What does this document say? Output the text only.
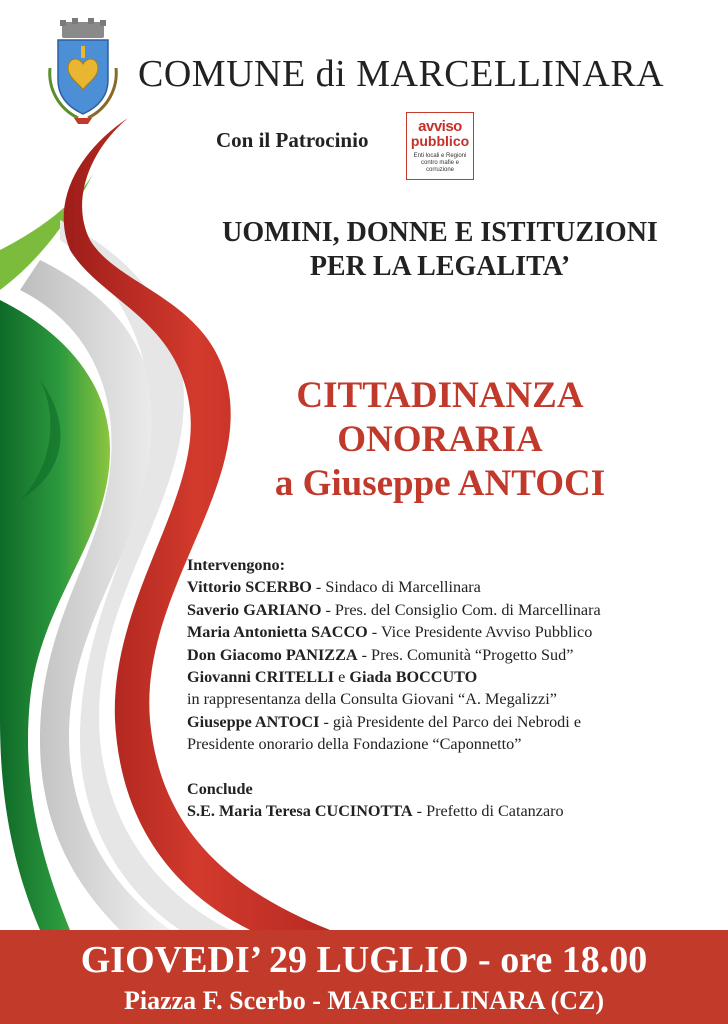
COMUNE di MARCELLINARA
Con il Patrocinio
avviso
pubblico
Enti locali e Regioni contro mafie e corruzione
UOMINI, DONNE E ISTITUZIONI
PER LA LEGALITA’
CITTADINANZA
ONORARIA
a Giuseppe ANTOCI
Intervengono:
Vittorio SCERBO - Sindaco di Marcellinara
Saverio GARIANO - Pres. del Consiglio Com. di Marcellinara
Maria Antonietta SACCO - Vice Presidente Avviso Pubblico
Don Giacomo PANIZZA - Pres. Comunità “Progetto Sud”
Giovanni CRITELLI e Giada BOCCUTO
in rappresentanza della Consulta Giovani “A. Megalizzi”
Giuseppe ANTOCI - già Presidente del Parco dei Nebrodi e
Presidente onorario della Fondazione “Caponnetto”
Conclude
S.E. Maria Teresa CUCINOTTA - Prefetto di Catanzaro
GIOVEDI’ 29 LUGLIO - ore 18.00
Piazza F. Scerbo - MARCELLINARA (CZ)
